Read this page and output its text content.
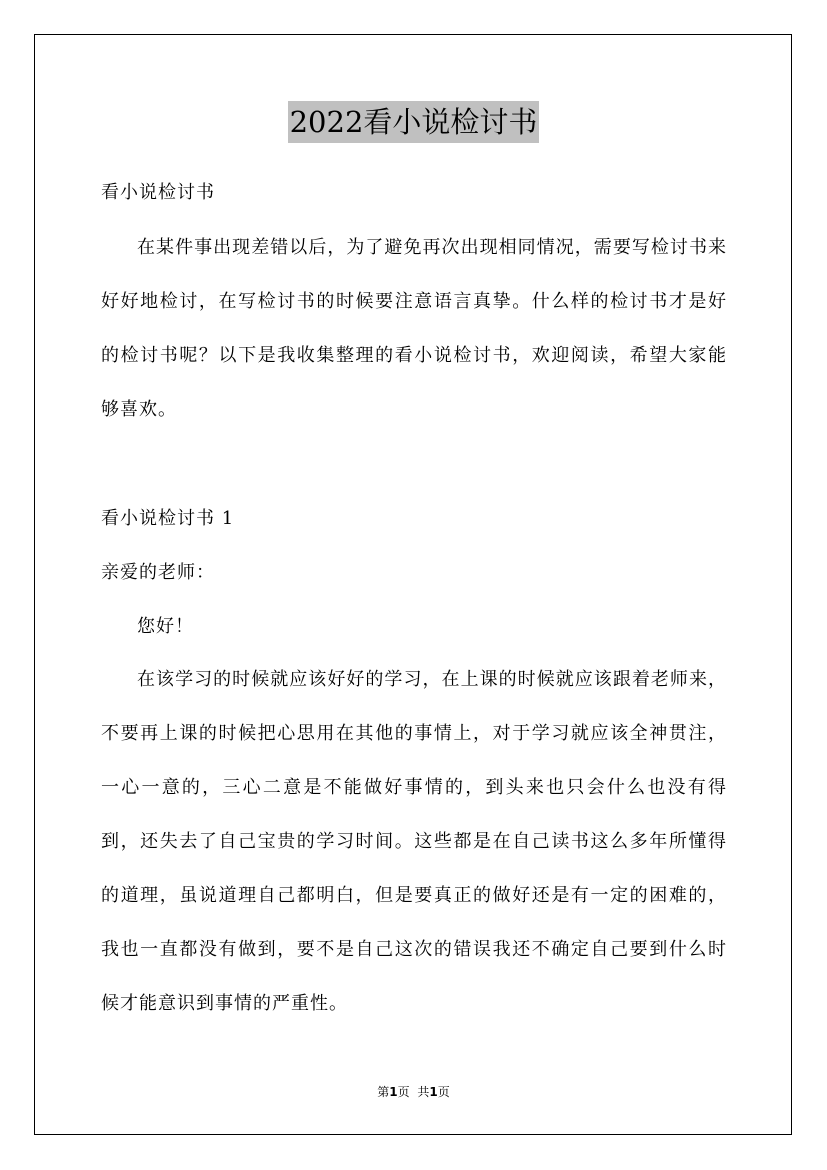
2022看小说检讨书

看小说检讨书

在某件事出现差错以后，为了避免再次出现相同情况，需要写检讨书来好好地检讨，在写检讨书的时候要注意语言真挚。什么样的检讨书才是好的检讨书呢？以下是我收集整理的看小说检讨书，欢迎阅读，希望大家能够喜欢。

看小说检讨书 1

亲爱的老师：

您好！

在该学习的时候就应该好好的学习，在上课的时候就应该跟着老师来，不要再上课的时候把心思用在其他的事情上，对于学习就应该全神贯注，一心一意的，三心二意是不能做好事情的，到头来也只会什么也没有得到，还失去了自己宝贵的学习时间。这些都是在自己读书这么多年所懂得的道理，虽说道理自己都明白，但是要真正的做好还是有一定的困难的，我也一直都没有做到，要不是自己这次的错误我还不确定自己要到什么时候才能意识到事情的严重性。

第1页 共1页
